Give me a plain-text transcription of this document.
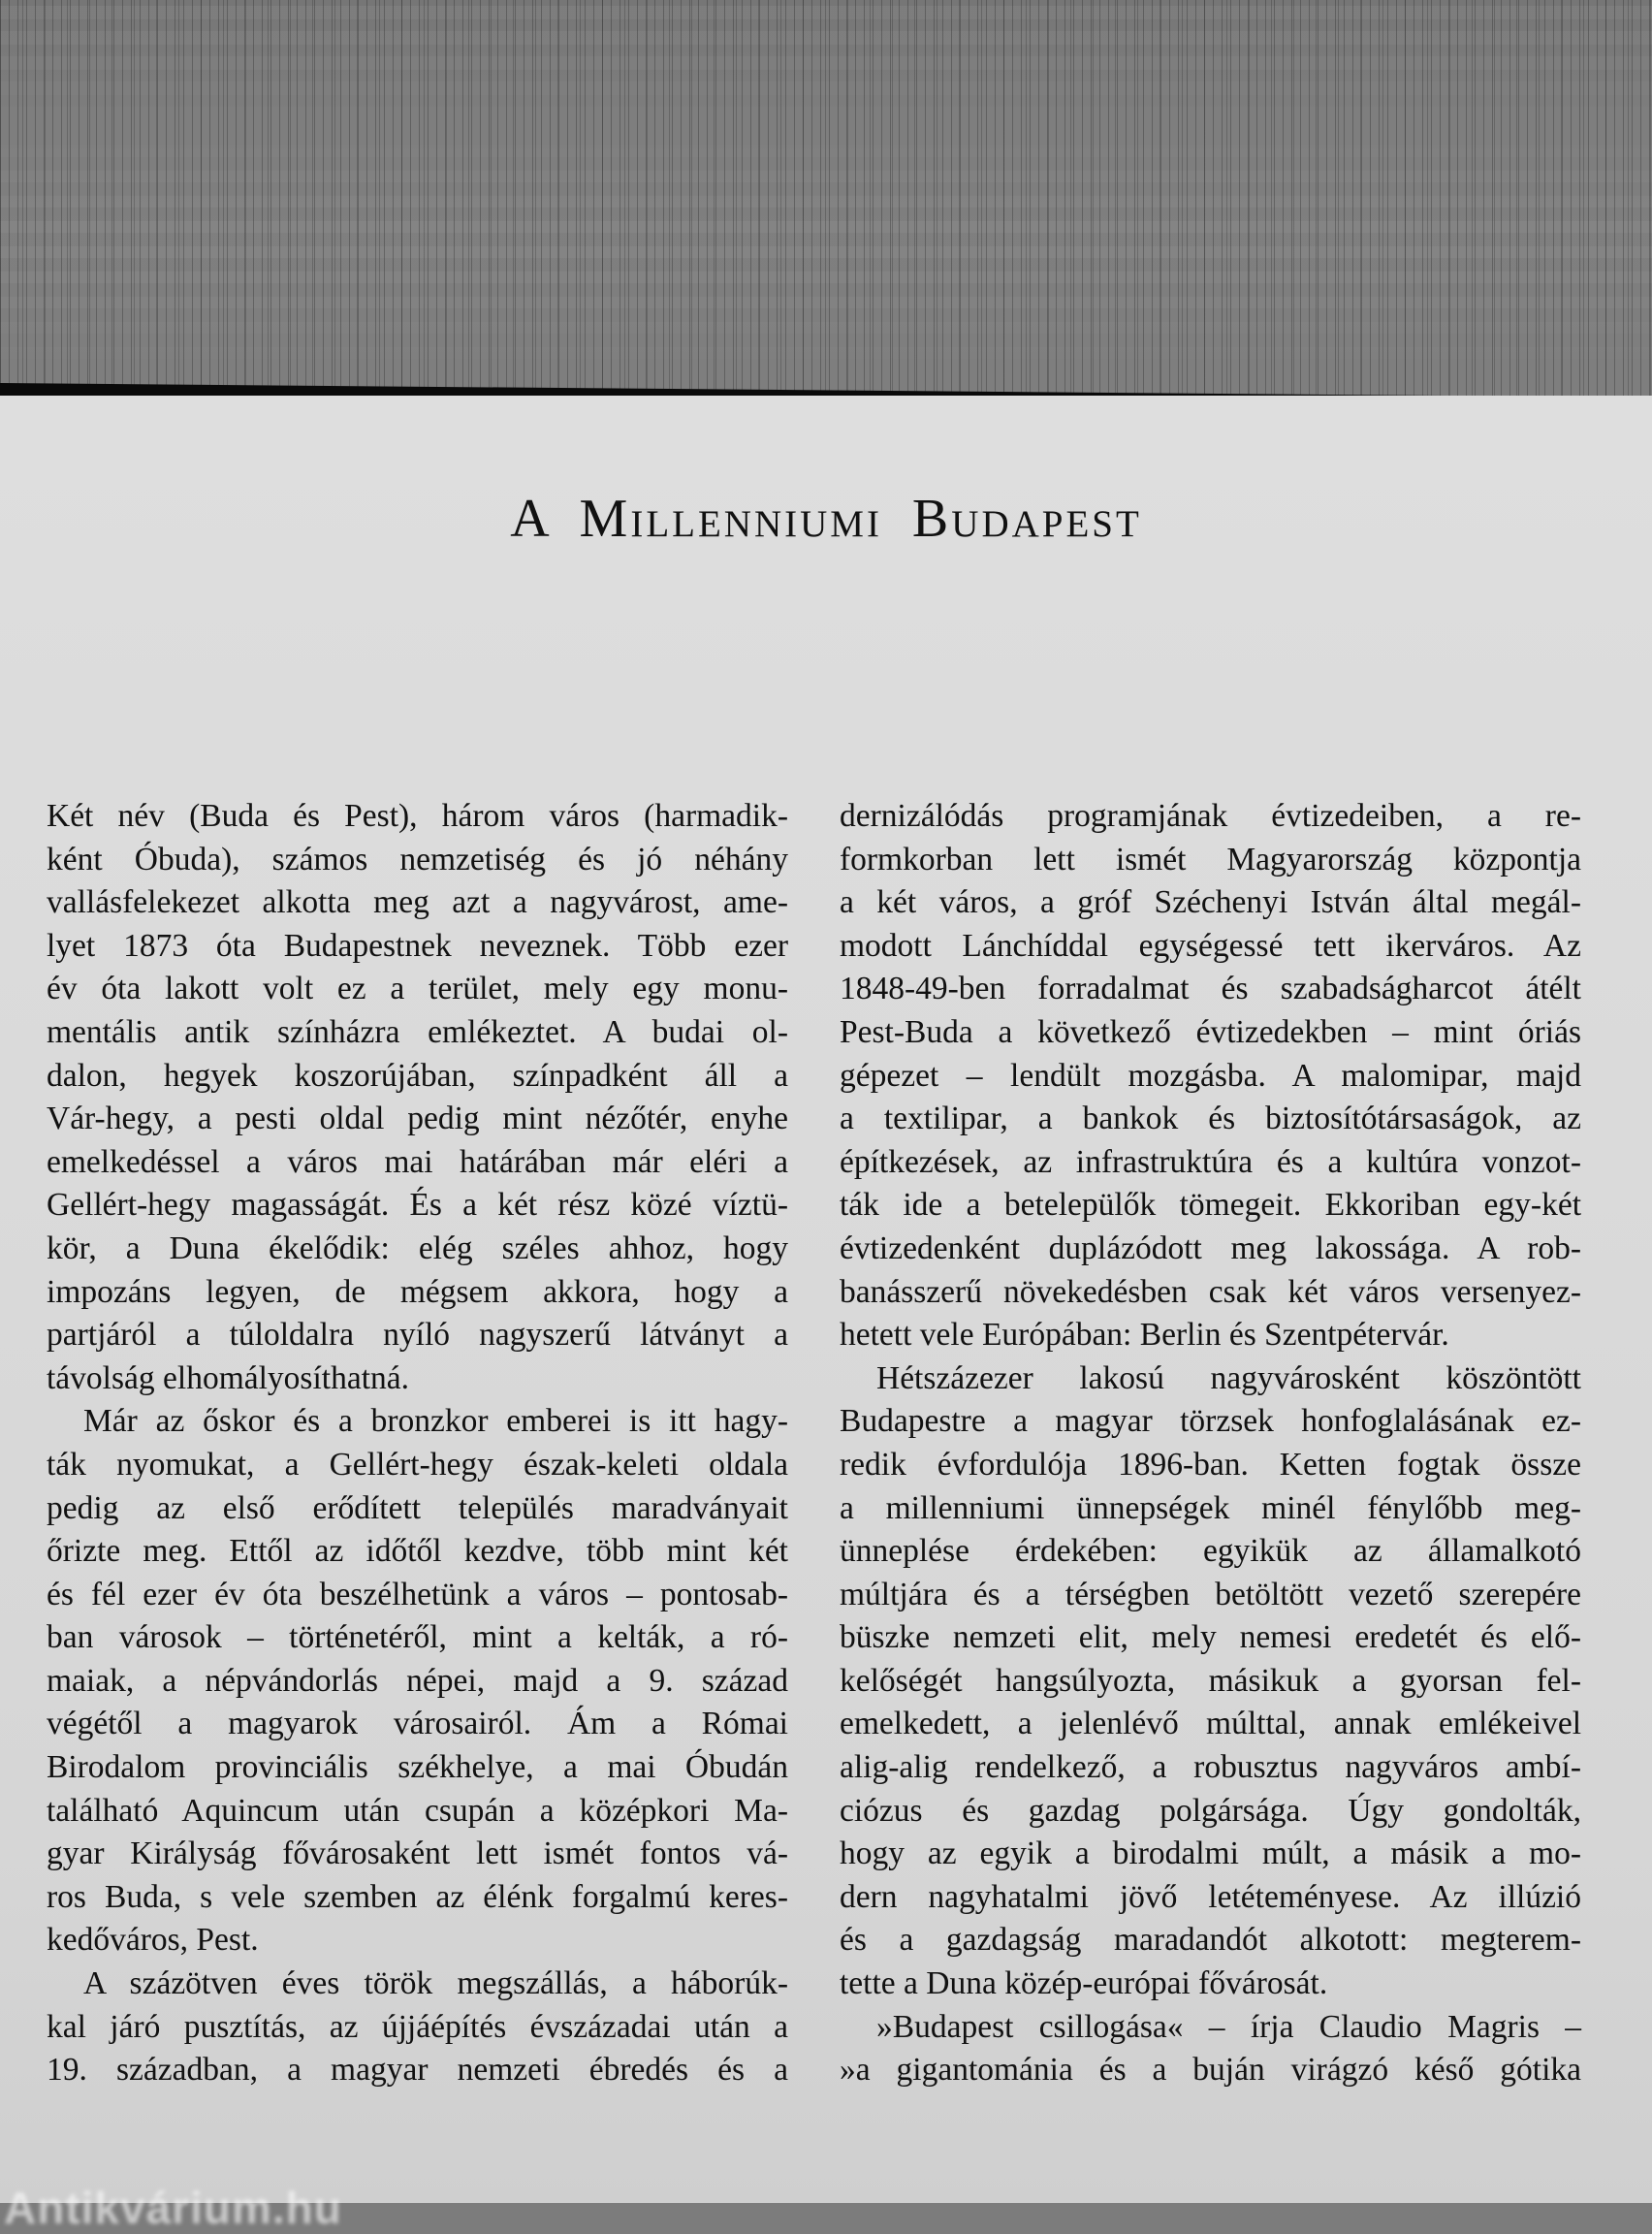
A Millenniumi Budapest
Két név (Buda és Pest), három város (harmadik-
ként Óbuda), számos nemzetiség és jó néhány
vallásfelekezet alkotta meg azt a nagyvárost, ame-
lyet 1873 óta Budapestnek neveznek. Több ezer
év óta lakott volt ez a terület, mely egy monu-
mentális antik színházra emlékeztet. A budai ol-
dalon, hegyek koszorújában, színpadként áll a
Vár-hegy, a pesti oldal pedig mint nézőtér, enyhe
emelkedéssel a város mai határában már eléri a
Gellért-hegy magasságát. És a két rész közé víztü-
kör, a Duna ékelődik: elég széles ahhoz, hogy
impozáns legyen, de mégsem akkora, hogy a
partjáról a túloldalra nyíló nagyszerű látványt a
távolság elhomályosíthatná.
Már az őskor és a bronzkor emberei is itt hagy-
ták nyomukat, a Gellért-hegy észak-keleti oldala
pedig az első erődített település maradványait
őrizte meg. Ettől az időtől kezdve, több mint két
és fél ezer év óta beszélhetünk a város – pontosab-
ban városok – történetéről, mint a kelták, a ró-
maiak, a népvándorlás népei, majd a 9. század
végétől a magyarok városairól. Ám a Római
Birodalom provinciális székhelye, a mai Óbudán
található Aquincum után csupán a középkori Ma-
gyar Királyság fővárosaként lett ismét fontos vá-
ros Buda, s vele szemben az élénk forgalmú keres-
kedőváros, Pest.
A százötven éves török megszállás, a háborúk-
kal járó pusztítás, az újjáépítés évszázadai után a
19. században, a magyar nemzeti ébredés és a
dernizálódás programjának évtizedeiben, a re-
formkorban lett ismét Magyarország központja
a két város, a gróf Széchenyi István által megál-
modott Lánchíddal egységessé tett ikerváros. Az
1848-49-ben forradalmat és szabadságharcot átélt
Pest-Buda a következő évtizedekben – mint óriás
gépezet – lendült mozgásba. A malomipar, majd
a textilipar, a bankok és biztosítótársaságok, az
építkezések, az infrastruktúra és a kultúra vonzot-
ták ide a betelepülők tömegeit. Ekkoriban egy-két
évtizedenként duplázódott meg lakossága. A rob-
banásszerű növekedésben csak két város versenyez-
hetett vele Európában: Berlin és Szentpétervár.
Hétszázezer lakosú nagyvárosként köszöntött
Budapestre a magyar törzsek honfoglalásának ez-
redik évfordulója 1896-ban. Ketten fogtak össze
a millenniumi ünnepségek minél fénylőbb meg-
ünneplése érdekében: egyikük az államalkotó
múltjára és a térségben betöltött vezető szerepére
büszke nemzeti elit, mely nemesi eredetét és elő-
kelőségét hangsúlyozta, másikuk a gyorsan fel-
emelkedett, a jelenlévő múlttal, annak emlékeivel
alig-alig rendelkező, a robusztus nagyváros ambí-
ciózus és gazdag polgársága. Úgy gondolták,
hogy az egyik a birodalmi múlt, a másik a mo-
dern nagyhatalmi jövő letéteményese. Az illúzió
és a gazdagság maradandót alkotott: megterem-
tette a Duna közép-európai fővárosát.
»Budapest csillogása« – írja Claudio Magris –
»a gigantománia és a buján virágzó késő gótika
Antikvárium.hu
